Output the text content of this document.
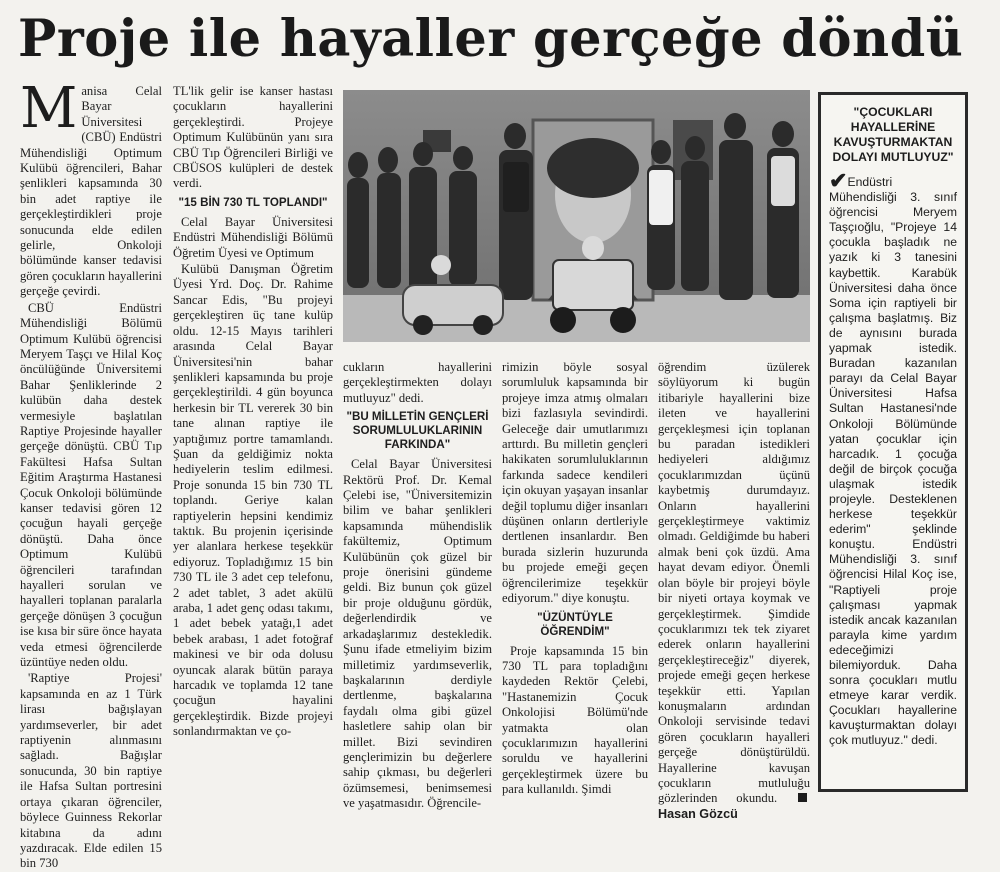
Proje ile hayaller gerçeğe döndü

Manisa Celal Bayar Üniversitesi (CBÜ) Endüstri Mühendisliği Optimum Kulübü öğrencileri, Bahar şenlikleri kapsamında 30 bin adet raptiye ile gerçekleştirdikleri proje sonucunda elde edilen gelirle, Onkoloji bölümünde kanser tedavisi gören çocukların hayallerini gerçeğe çevirdi.

CBÜ Endüstri Mühendisliği Bölümü Optimum Kulübü öğrencisi Meryem Taşçı ve Hilal Koç öncülüğünde Üniversitemi Bahar Şenliklerinde 2 kulübün daha destek vermesiyle başlatılan Raptiye Projesinde hayaller gerçeğe dönüştü. CBÜ Tıp Fakültesi Hafsa Sultan Eğitim Araştırma Hastanesi Çocuk Onkoloji bölümünde kanser tedavisi gören 12 çocuğun hayali gerçeğe dönüştü. Daha önce Optimum Kulübü öğrencileri tarafından hayalleri sorulan ve hayalleri toplanan paralarla gerçeğe dönüşen 3 çocuğun ise kısa bir süre önce hayata veda etmesi öğrencilerde üzüntüye neden oldu.

'Raptiye Projesi' kapsamında en az 1 Türk lirası bağışlayan yardımseverler, bir adet raptiyenin alınmasını sağladı. Bağışlar sonucunda, 30 bin raptiye ile Hafsa Sultan portresini ortaya çıkaran öğrenciler, böylece Guinness Rekorlar kitabına da adını yazdıracak. Elde edilen 15 bin 730

TL'lik gelir ise kanser hastası çocukların hayallerini gerçekleştirdi. Projeye Optimum Kulübünün yanı sıra CBÜ Tıp Öğrencileri Birliği ve CBÜSOS kulüpleri de destek verdi.

"15 BİN 730 TL TOPLANDI"

Celal Bayar Üniversitesi Endüstri Mühendisliği Bölümü Öğretim Üyesi ve Optimum

Kulübü Danışman Öğretim Üyesi Yrd. Doç. Dr. Rahime Sancar Edis, "Bu projeyi gerçekleştiren üç tane kulüp oldu. 12-15 Mayıs tarihleri arasında Celal Bayar Üniversitesi'nin bahar şenlikleri kapsamında bu proje gerçekleştirildi. 4 gün boyunca herkesin bir TL vererek 30 bin tane alınan raptiye ile yaptığımız portre tamamlandı. Şuan da geldiğimiz nokta hediyelerin teslim edilmesi. Proje sonunda 15 bin 730 TL toplandı. Geriye kalan raptiyelerin hepsini kendimiz taktık. Bu projenin içerisinde yer alanlara herkese teşekkür ediyoruz. Topladığımız 15 bin 730 TL ile 3 adet cep telefonu, 2 adet tablet, 3 adet akülü araba, 1 adet genç odası takımı, 1 adet bebek yatağı,1 adet bebek arabası, 1 adet fotoğraf makinesi ve bir oda dolusu oyuncak alarak bütün paraya harcadık ve toplamda 12 tane çocuğun hayalini gerçekleştirdik. Bizde projeyi sonlandırmaktan ve ço-

cukların hayallerini gerçekleştirmekten dolayı mutluyuz" dedi.

"BU MİLLETİN GENÇLERİ SORUMLULUKLARININ FARKINDA"

Celal Bayar Üniversitesi Rektörü Prof. Dr. Kemal Çelebi ise, "Üniversitemizin bilim ve bahar şenlikleri kapsamında mühendislik fakültemiz, Optimum Kulübünün çok güzel bir proje önerisini gündeme geldi. Biz bunun çok güzel bir proje olduğunu gördük, değerlendirdik ve arkadaşlarımız destekledik. Şunu ifade etmeliyim bizim milletimiz yardımseverlik, başkalarının derdiyle dertlenme, başkalarına faydalı olma gibi güzel hasletlere sahip olan bir millet. Bizi sevindiren gençlerimizin bu değerlere sahip çıkması, bu değerleri özümsemesi, benimsemesi ve yaşatmasıdır. Öğrencile-

rimizin böyle sosyal sorumluluk kapsamında bir projeye imza atmış olmaları bizi fazlasıyla sevindirdi. Geleceğe dair umutlarımızı arttırdı. Bu milletin gençleri hakikaten sorumluluklarının farkında sadece kendileri için okuyan yaşayan insanlar değil toplumu diğer insanları düşünen onların dertleriyle dertlenen insanlardır. Ben burada sizlerin huzurunda bu projede emeği geçen öğrencilerimize teşekkür ediyorum." diye konuştu.

"ÜZÜNTÜYLE ÖĞRENDİM"

Proje kapsamında 15 bin 730 TL para topladığını kaydeden Rektör Çelebi, "Hastanemizin Çocuk Onkolojisi Bölümü'nde yatmakta olan çocuklarımızın hayallerini soruldu ve hayallerini gerçekleştirmek üzere bu para kullanıldı. Şimdi

öğrendim üzülerek söylüyorum ki bugün itibariyle hayallerini bize ileten ve hayallerini gerçekleşmesi için toplanan bu paradan istedikleri hediyeleri aldığımız çocuklarımızdan üçünü kaybetmiş durumdayız. Onların hayallerini gerçekleştirmeye vaktimiz olmadı. Geldiğimde bu haberi almak beni çok üzdü. Ama hayat devam ediyor. Önemli olan böyle bir projeyi böyle bir niyeti ortaya koymak ve gerçekleştirmek. Şimdide çocuklarımızı tek tek ziyaret ederek onların hayallerini gerçekleştireceğiz" diyerek, projede emeği geçen herkese teşekkür etti. Yapılan konuşmaların ardından Onkoloji servisinde tedavi gören çocukların hayalleri gerçeğe dönüştürüldü. Hayallerine kavuşan çocukların mutluluğu gözlerinden okundu. Hasan Gözcü

"ÇOCUKLARI HAYALLERİNE KAVUŞTURMAKTAN DOLAYI MUTLUYUZ"

✔Endüstri Mühendisliği 3. sınıf öğrencisi Meryem Taşçıoğlu, "Projeye 14 çocukla başladık ne yazık ki 3 tanesini kaybettik. Karabük Üniversitesi daha önce Soma için raptiyeli bir çalışma başlatmış. Biz de aynısını burada yapmak istedik. Buradan kazanılan parayı da Celal Bayar Üniversitesi Hafsa Sultan Hastanesi'nde Onkoloji Bölümünde yatan çocuklar için harcadık. 1 çocuğa değil de birçok çocuğa ulaşmak istedik projeyle. Desteklenen herkese teşekkür ederim" şeklinde konuştu. Endüstri Mühendisliği 3. sınıf öğrencisi Hilal Koç ise, "Raptiyeli proje çalışması yapmak istedik ancak kazanılan parayla kime yardım edeceğimizi bilemiyorduk. Daha sonra çocukları mutlu etmeye karar verdik. Çocukları hayallerine kavuşturmaktan dolayı çok mutluyuz." dedi.
